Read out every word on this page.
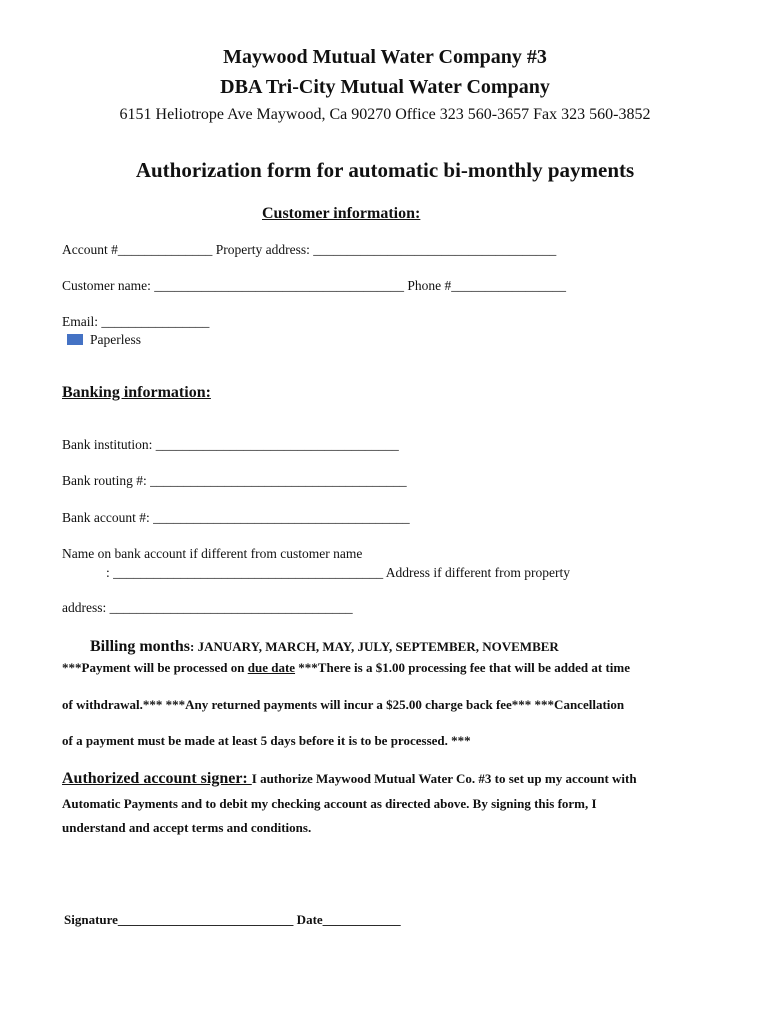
Maywood Mutual Water Company #3
DBA Tri-City Mutual Water Company
6151 Heliotrope Ave Maywood, Ca 90270 Office 323 560-3657 Fax 323 560-3852
Authorization form for automatic bi-monthly payments
Customer information:
Account #______________ Property address: ____________________________________
Customer name: _____________________________________ Phone #_________________
Email: ________________
Paperless
Banking information:
Bank institution: ____________________________________
Bank routing #: ______________________________________
Bank account #: ______________________________________
Name on bank account if different from customer name
: ________________________________________ Address if different from property
address: ____________________________________
Billing months: JANUARY, MARCH, MAY, JULY, SEPTEMBER, NOVEMBER
***Payment will be processed on due date ***There is a $1.00 processing fee that will be added at time
of withdrawal.*** ***Any returned payments will incur a $25.00 charge back fee*** ***Cancellation
of a payment must be made at least 5 days before it is to be processed. ***
Authorized account signer: I authorize Maywood Mutual Water Co. #3 to set up my account with
Automatic Payments and to debit my checking account as directed above. By signing this form, I
understand and accept terms and conditions.
Signature___________________________ Date____________
